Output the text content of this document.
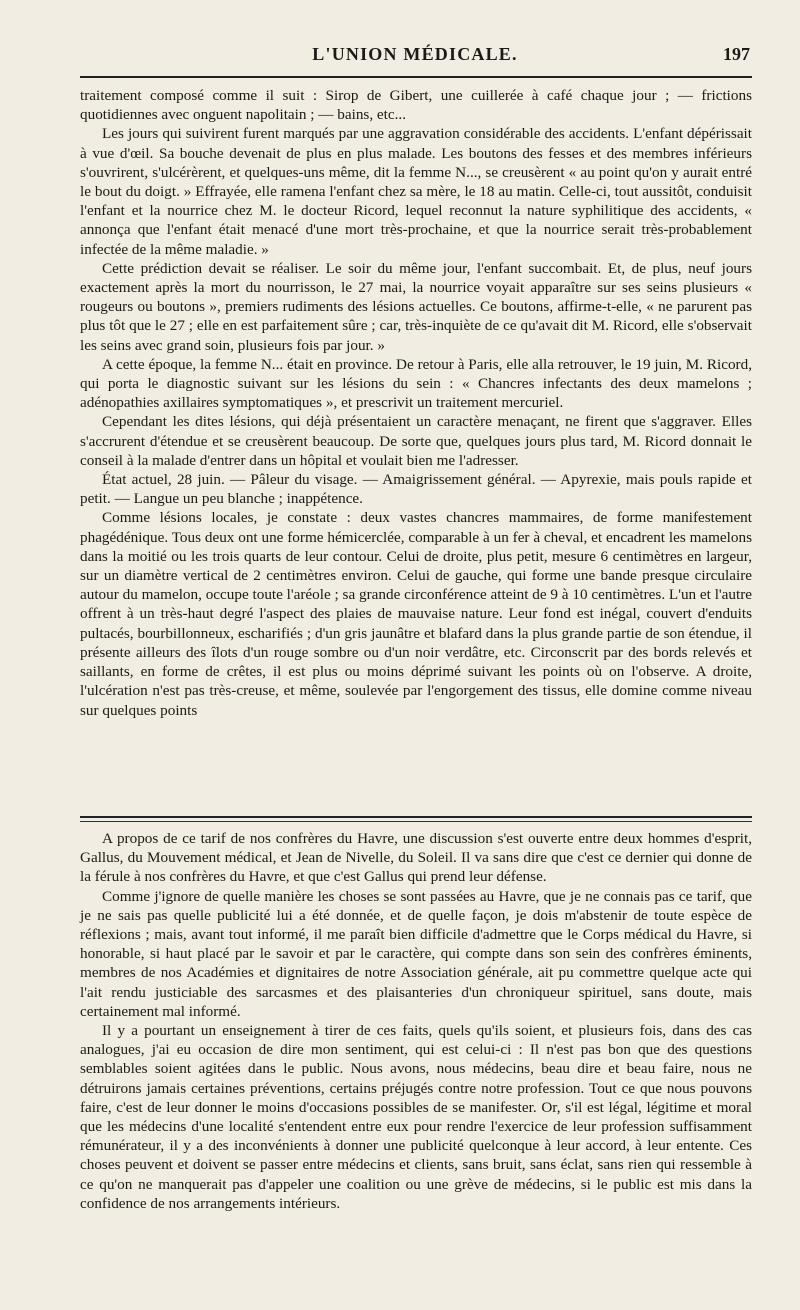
L'UNION MÉDICALE.	197

traitement composé comme il suit : Sirop de Gibert, une cuillerée à café chaque jour ; — frictions quotidiennes avec onguent napolitain ; — bains, etc...

Les jours qui suivirent furent marqués par une aggravation considérable des accidents. L'enfant dépérissait à vue d'œil. Sa bouche devenait de plus en plus malade. Les boutons des fesses et des membres inférieurs s'ouvrirent, s'ulcérèrent, et quelques-uns même, dit la femme N..., se creusèrent « au point qu'on y aurait entré le bout du doigt. » Effrayée, elle ramena l'enfant chez sa mère, le 18 au matin. Celle-ci, tout aussitôt, conduisit l'enfant et la nourrice chez M. le docteur Ricord, lequel reconnut la nature syphilitique des accidents, « annonça que l'enfant était menacé d'une mort très-prochaine, et que la nourrice serait très-probablement infectée de la même maladie. »

Cette prédiction devait se réaliser. Le soir du même jour, l'enfant succombait. Et, de plus, neuf jours exactement après la mort du nourrisson, le 27 mai, la nourrice voyait apparaître sur ses seins plusieurs « rougeurs ou boutons », premiers rudiments des lésions actuelles. Ce boutons, affirme-t-elle, « ne parurent pas plus tôt que le 27 ; elle en est parfaitement sûre ; car, très-inquiète de ce qu'avait dit M. Ricord, elle s'observait les seins avec grand soin, plusieurs fois par jour. »

A cette époque, la femme N... était en province. De retour à Paris, elle alla retrouver, le 19 juin, M. Ricord, qui porta le diagnostic suivant sur les lésions du sein : « Chancres infectants des deux mamelons ; adénopathies axillaires symptomatiques », et prescrivit un traitement mercuriel.

Cependant les dites lésions, qui déjà présentaient un caractère menaçant, ne firent que s'aggraver. Elles s'accrurent d'étendue et se creusèrent beaucoup. De sorte que, quelques jours plus tard, M. Ricord donnait le conseil à la malade d'entrer dans un hôpital et voulait bien me l'adresser.

État actuel, 28 juin. — Pâleur du visage. — Amaigrissement général. — Apyrexie, mais pouls rapide et petit. — Langue un peu blanche ; inappétence.

Comme lésions locales, je constate : deux vastes chancres mammaires, de forme manifestement phagédénique. Tous deux ont une forme hémicerclée, comparable à un fer à cheval, et encadrent les mamelons dans la moitié ou les trois quarts de leur contour. Celui de droite, plus petit, mesure 6 centimètres en largeur, sur un diamètre vertical de 2 centimètres environ. Celui de gauche, qui forme une bande presque circulaire autour du mamelon, occupe toute l'aréole ; sa grande circonférence atteint de 9 à 10 centimètres. L'un et l'autre offrent à un très-haut degré l'aspect des plaies de mauvaise nature. Leur fond est inégal, couvert d'enduits pultacés, bourbillonneux, escharifiés ; d'un gris jaunâtre et blafard dans la plus grande partie de son étendue, il présente ailleurs des îlots d'un rouge sombre ou d'un noir verdâtre, etc. Circonscrit par des bords relevés et saillants, en forme de crêtes, il est plus ou moins déprimé suivant les points où on l'observe. A droite, l'ulcération n'est pas très-creuse, et même, soulevée par l'engorgement des tissus, elle domine comme niveau sur quelques points

A propos de ce tarif de nos confrères du Havre, une discussion s'est ouverte entre deux hommes d'esprit, Gallus, du Mouvement médical, et Jean de Nivelle, du Soleil. Il va sans dire que c'est ce dernier qui donne de la férule à nos confrères du Havre, et que c'est Gallus qui prend leur défense.

Comme j'ignore de quelle manière les choses se sont passées au Havre, que je ne connais pas ce tarif, que je ne sais pas quelle publicité lui a été donnée, et de quelle façon, je dois m'abstenir de toute espèce de réflexions ; mais, avant tout informé, il me paraît bien difficile d'admettre que le Corps médical du Havre, si honorable, si haut placé par le savoir et par le caractère, qui compte dans son sein des confrères éminents, membres de nos Académies et dignitaires de notre Association générale, ait pu commettre quelque acte qui l'ait rendu justiciable des sarcasmes et des plaisanteries d'un chroniqueur spirituel, sans doute, mais certainement mal informé.

Il y a pourtant un enseignement à tirer de ces faits, quels qu'ils soient, et plusieurs fois, dans des cas analogues, j'ai eu occasion de dire mon sentiment, qui est celui-ci : Il n'est pas bon que des questions semblables soient agitées dans le public. Nous avons, nous médecins, beau dire et beau faire, nous ne détruirons jamais certaines préventions, certains préjugés contre notre profession. Tout ce que nous pouvons faire, c'est de leur donner le moins d'occasions possibles de se manifester. Or, s'il est légal, légitime et moral que les médecins d'une localité s'entendent entre eux pour rendre l'exercice de leur profession suffisamment rémunérateur, il y a des inconvénients à donner une publicité quelconque à leur accord, à leur entente. Ces choses peuvent et doivent se passer entre médecins et clients, sans bruit, sans éclat, sans rien qui ressemble à ce qu'on ne manquerait pas d'appeler une coalition ou une grève de médecins, si le public est mis dans la confidence de nos arrangements intérieurs.
